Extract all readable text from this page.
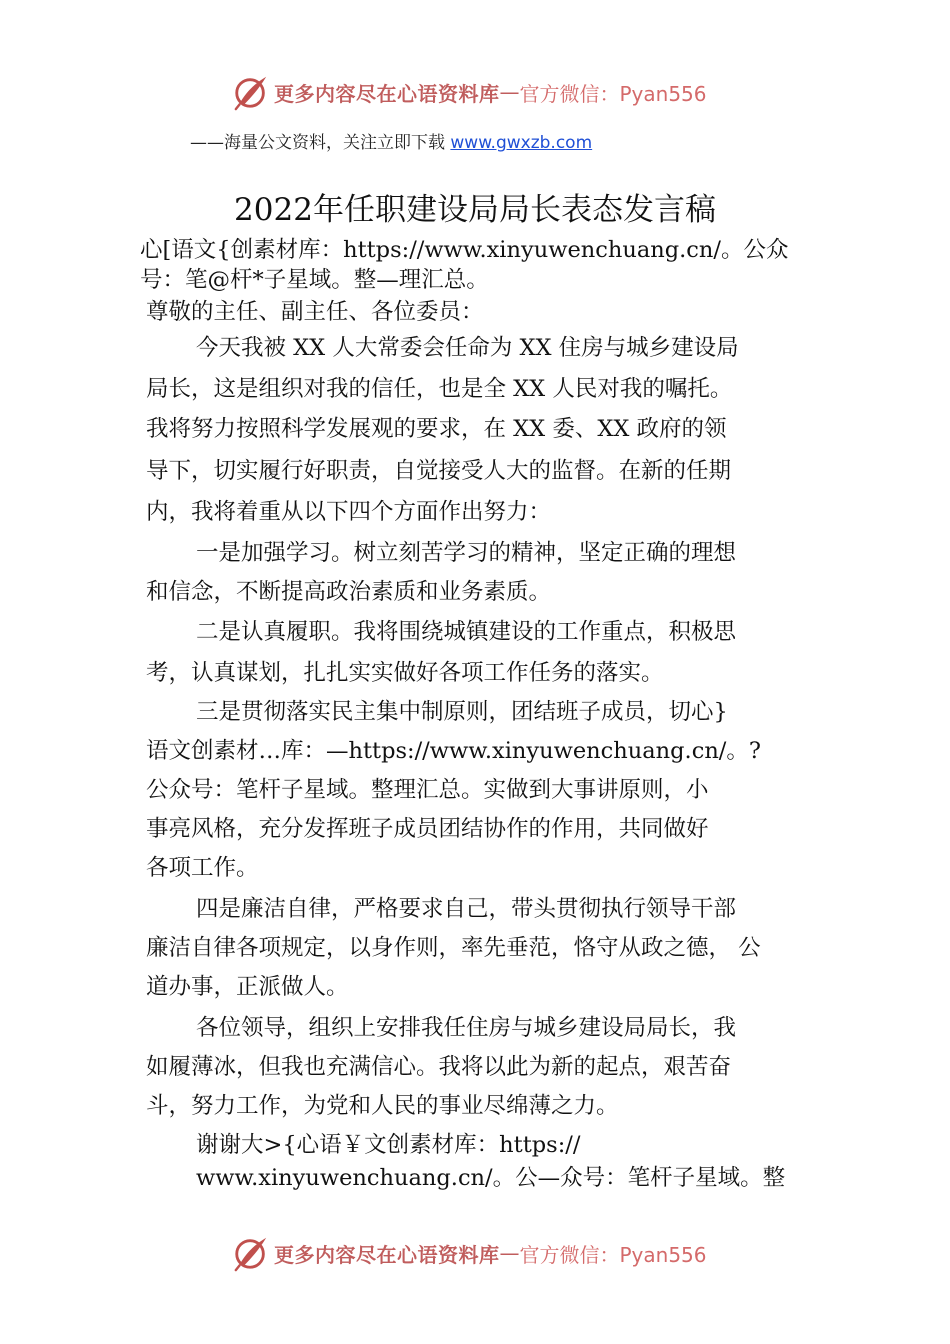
更多内容尽在心语资料库 — 官方微信：Pyan556
——海量公文资料，关注立即下载 www.gwxzb.com
2022年任职建设局局长表态发言稿
心[语文{创素材库：https://www.xinyuwenchuang.cn/。公众
号：笔@杆*子星域。整—理汇总。
尊敬的主任、副主任、各位委员：
今天我被 XX 人大常委会任命为 XX 住房与城乡建设局
局长，这是组织对我的信任，也是全 XX 人民对我的嘱托。
我将努力按照科学发展观的要求，在 XX 委、XX 政府的领
导下，切实履行好职责，自觉接受人大的监督。在新的任期
内，我将着重从以下四个方面作出努力：
一是加强学习。树立刻苦学习的精神，坚定正确的理想
和信念，不断提高政治素质和业务素质。
二是认真履职。我将围绕城镇建设的工作重点，积极思
考，认真谋划，扎扎实实做好各项工作任务的落实。
三是贯彻落实民主集中制原则，团结班子成员，切心}
语文创素材…库：—https://www.xinyuwenchuang.cn/。?
公众号：笔杆子星域。整理汇总。实做到大事讲原则，小
事亮风格，充分发挥班子成员团结协作的作用，共同做好
各项工作。
四是廉洁自律，严格要求自己，带头贯彻执行领导干部
廉洁自律各项规定，以身作则，率先垂范，恪守从政之德， 公
道办事，正派做人。
各位领导，组织上安排我任住房与城乡建设局局长，我
如履薄冰，但我也充满信心。我将以此为新的起点，艰苦奋
斗，努力工作，为党和人民的事业尽绵薄之力。
谢谢大>{心语￥文创素材库：https://
www.xinyuwenchuang.cn/。公—众号：笔杆子星域。整
更多内容尽在心语资料库 — 官方微信：Pyan556
